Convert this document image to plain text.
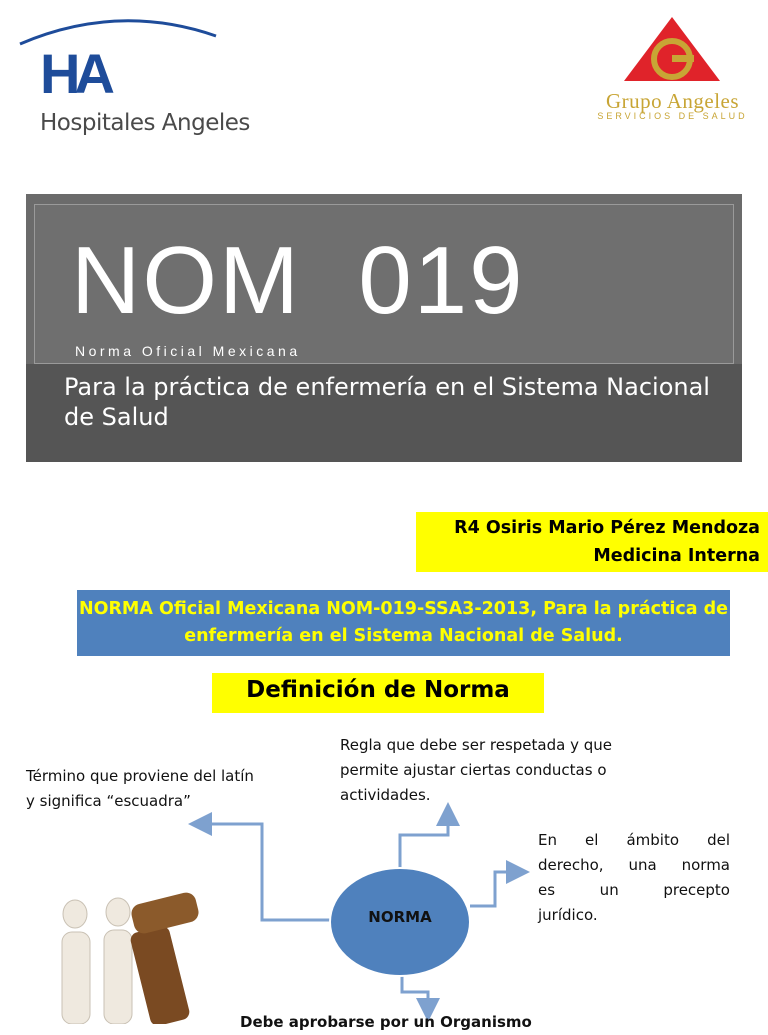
HA
Hospitales Angeles
Grupo Angeles
SERVICIOS DE SALUD
NOM  019
Norma Oficial Mexicana
Para la práctica de enfermería en el Sistema Nacional de Salud
R4 Osiris Mario Pérez Mendoza
Medicina Interna
NORMA Oficial Mexicana NOM-019-SSA3-2013, Para la práctica de enfermería en el Sistema Nacional de Salud.
Definición de Norma
NORMA
Término que proviene del latín y significa “escuadra”
Regla que debe ser respetada y que permite ajustar ciertas conductas o actividades.
En el ámbito del
derecho, una norma
es un precepto
jurídico.
Debe aprobarse por un Organismo
